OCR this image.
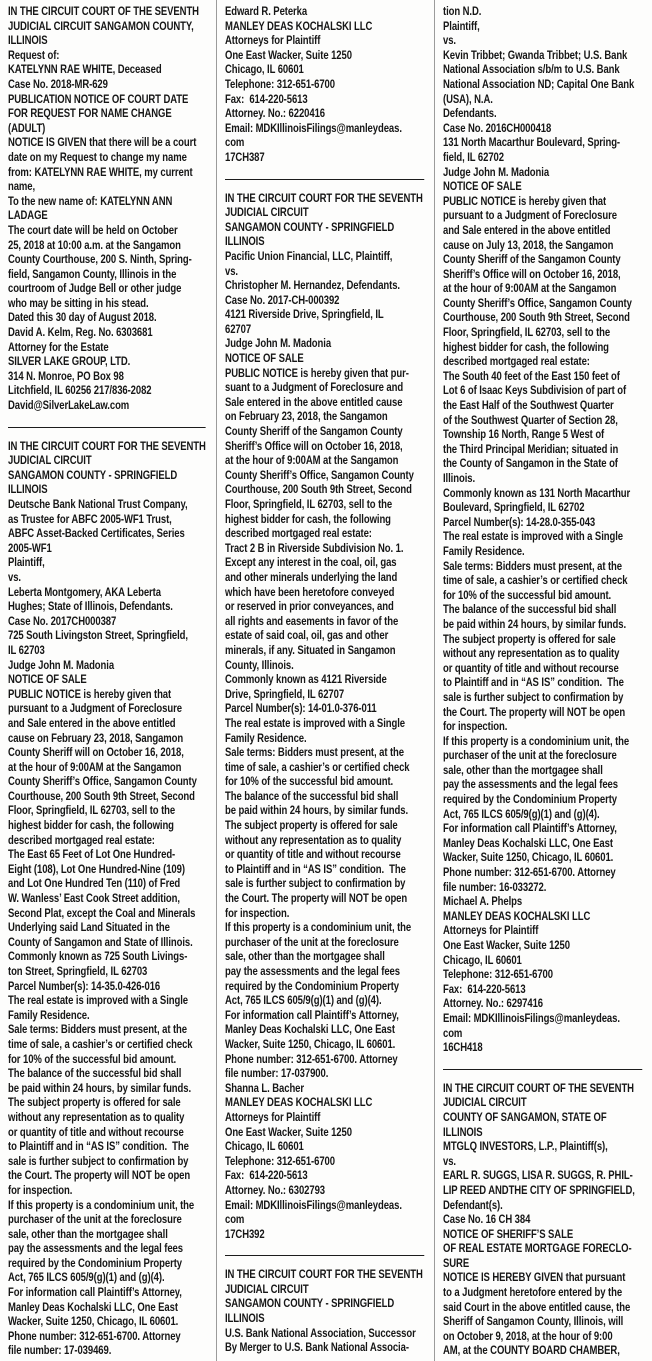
IN THE CIRCUIT COURT OF THE SEVENTH
JUDICIAL CIRCUIT SANGAMON COUNTY,
ILLINOIS
Request of:
KATELYNN RAE WHITE, Deceased
Case No. 2018-MR-629
PUBLICATION NOTICE OF COURT DATE
FOR REQUEST FOR NAME CHANGE
(ADULT)
NOTICE IS GIVEN that there will be a court
date on my Request to change my name
from: KATELYNN RAE WHITE, my current
name,
To the new name of: KATELYNN ANN
LADAGE
The court date will be held on October
25, 2018 at 10:00 a.m. at the Sangamon
County Courthouse, 200 S. Ninth, Spring-
field, Sangamon County, Illinois in the
courtroom of Judge Bell or other judge
who may be sitting in his stead.
Dated this 30 day of August 2018.
David A. Kelm, Reg. No. 6303681
Attorney for the Estate
SILVER LAKE GROUP, LTD.
314 N. Monroe, PO Box 98
Litchfield, IL 60256 217/836-2082
David@SilverLakeLaw.com
IN THE CIRCUIT COURT FOR THE SEVENTH
JUDICIAL CIRCUIT
SANGAMON COUNTY - SPRINGFIELD
ILLINOIS
Deutsche Bank National Trust Company,
as Trustee for ABFC 2005-WF1 Trust,
ABFC Asset-Backed Certificates, Series
2005-WF1
Plaintiff,
vs.
Leberta Montgomery, AKA Leberta
Hughes; State of Illinois, Defendants.
Case No. 2017CH000387
725 South Livingston Street, Springfield,
IL 62703
Judge John M. Madonia
NOTICE OF SALE
PUBLIC NOTICE is hereby given that
pursuant to a Judgment of Foreclosure
and Sale entered in the above entitled
cause on February 23, 2018, Sangamon
County Sheriff will on October 16, 2018,
at the hour of 9:00AM at the Sangamon
County Sheriff’s Office, Sangamon County
Courthouse, 200 South 9th Street, Second
Floor, Springfield, IL 62703, sell to the
highest bidder for cash, the following
described mortgaged real estate:
The East 65 Feet of Lot One Hundred-
Eight (108), Lot One Hundred-Nine (109)
and Lot One Hundred Ten (110) of Fred
W. Wanless’ East Cook Street addition,
Second Plat, except the Coal and Minerals
Underlying said Land Situated in the
County of Sangamon and State of Illinois.
Commonly known as 725 South Livings-
ton Street, Springfield, IL 62703
Parcel Number(s): 14-35.0-426-016
The real estate is improved with a Single
Family Residence.
Sale terms: Bidders must present, at the
time of sale, a cashier’s or certified check
for 10% of the successful bid amount.
The balance of the successful bid shall
be paid within 24 hours, by similar funds.
The subject property is offered for sale
without any representation as to quality
or quantity of title and without recourse
to Plaintiff and in “AS IS” condition.  The
sale is further subject to confirmation by
the Court. The property will NOT be open
for inspection.
If this property is a condominium unit, the
purchaser of the unit at the foreclosure
sale, other than the mortgagee shall
pay the assessments and the legal fees
required by the Condominium Property
Act, 765 ILCS 605/9(g)(1) and (g)(4).
For information call Plaintiff’s Attorney,
Manley Deas Kochalski LLC, One East
Wacker, Suite 1250, Chicago, IL 60601.
Phone number: 312-651-6700. Attorney
file number: 17-039469.
Edward R. Peterka
MANLEY DEAS KOCHALSKI LLC
Attorneys for Plaintiff
One East Wacker, Suite 1250
Chicago, IL 60601
Telephone: 312-651-6700
Fax:  614-220-5613
Attorney. No.: 6220416
Email: MDKIllinoisFilings@manleydeas.
com
17CH387
IN THE CIRCUIT COURT FOR THE SEVENTH
JUDICIAL CIRCUIT
SANGAMON COUNTY - SPRINGFIELD
ILLINOIS
Pacific Union Financial, LLC, Plaintiff,
vs.
Christopher M. Hernandez, Defendants.
Case No. 2017-CH-000392
4121 Riverside Drive, Springfield, IL
62707
Judge John M. Madonia
NOTICE OF SALE
PUBLIC NOTICE is hereby given that pur-
suant to a Judgment of Foreclosure and
Sale entered in the above entitled cause
on February 23, 2018, the Sangamon
County Sheriff of the Sangamon County
Sheriff’s Office will on October 16, 2018,
at the hour of 9:00AM at the Sangamon
County Sheriff’s Office, Sangamon County
Courthouse, 200 South 9th Street, Second
Floor, Springfield, IL 62703, sell to the
highest bidder for cash, the following
described mortgaged real estate:
Tract 2 B in Riverside Subdivision No. 1.
Except any interest in the coal, oil, gas
and other minerals underlying the land
which have been heretofore conveyed
or reserved in prior conveyances, and
all rights and easements in favor of the
estate of said coal, oil, gas and other
minerals, if any. Situated in Sangamon
County, Illinois.
Commonly known as 4121 Riverside
Drive, Springfield, IL 62707
Parcel Number(s): 14-01.0-376-011
The real estate is improved with a Single
Family Residence.
Sale terms: Bidders must present, at the
time of sale, a cashier’s or certified check
for 10% of the successful bid amount.
The balance of the successful bid shall
be paid within 24 hours, by similar funds.
The subject property is offered for sale
without any representation as to quality
or quantity of title and without recourse
to Plaintiff and in “AS IS” condition.  The
sale is further subject to confirmation by
the Court. The property will NOT be open
for inspection.
If this property is a condominium unit, the
purchaser of the unit at the foreclosure
sale, other than the mortgagee shall
pay the assessments and the legal fees
required by the Condominium Property
Act, 765 ILCS 605/9(g)(1) and (g)(4).
For information call Plaintiff’s Attorney,
Manley Deas Kochalski LLC, One East
Wacker, Suite 1250, Chicago, IL 60601.
Phone number: 312-651-6700. Attorney
file number: 17-037900.
Shanna L. Bacher
MANLEY DEAS KOCHALSKI LLC
Attorneys for Plaintiff
One East Wacker, Suite 1250
Chicago, IL 60601
Telephone: 312-651-6700
Fax:  614-220-5613
Attorney. No.: 6302793
Email: MDKIllinoisFilings@manleydeas.
com
17CH392
IN THE CIRCUIT COURT FOR THE SEVENTH
JUDICIAL CIRCUIT
SANGAMON COUNTY - SPRINGFIELD
ILLINOIS
U.S. Bank National Association, Successor
By Merger to U.S. Bank National Associa-
tion N.D.
Plaintiff,
vs.
Kevin Tribbet; Gwanda Tribbet; U.S. Bank
National Association s/b/m to U.S. Bank
National Association ND; Capital One Bank
(USA), N.A.
Defendants.
Case No. 2016CH000418
131 North Macarthur Boulevard, Spring-
field, IL 62702
Judge John M. Madonia
NOTICE OF SALE
PUBLIC NOTICE is hereby given that
pursuant to a Judgment of Foreclosure
and Sale entered in the above entitled
cause on July 13, 2018, the Sangamon
County Sheriff of the Sangamon County
Sheriff’s Office will on October 16, 2018,
at the hour of 9:00AM at the Sangamon
County Sheriff’s Office, Sangamon County
Courthouse, 200 South 9th Street, Second
Floor, Springfield, IL 62703, sell to the
highest bidder for cash, the following
described mortgaged real estate:
The South 40 feet of the East 150 feet of
Lot 6 of Isaac Keys Subdivision of part of
the East Half of the Southwest Quarter
of the Southwest Quarter of Section 28,
Township 16 North, Range 5 West of
the Third Principal Meridian; situated in
the County of Sangamon in the State of
Illinois.
Commonly known as 131 North Macarthur
Boulevard, Springfield, IL 62702
Parcel Number(s): 14-28.0-355-043
The real estate is improved with a Single
Family Residence.
Sale terms: Bidders must present, at the
time of sale, a cashier’s or certified check
for 10% of the successful bid amount.
The balance of the successful bid shall
be paid within 24 hours, by similar funds.
The subject property is offered for sale
without any representation as to quality
or quantity of title and without recourse
to Plaintiff and in “AS IS” condition.  The
sale is further subject to confirmation by
the Court. The property will NOT be open
for inspection.
If this property is a condominium unit, the
purchaser of the unit at the foreclosure
sale, other than the mortgagee shall
pay the assessments and the legal fees
required by the Condominium Property
Act, 765 ILCS 605/9(g)(1) and (g)(4).
For information call Plaintiff’s Attorney,
Manley Deas Kochalski LLC, One East
Wacker, Suite 1250, Chicago, IL 60601.
Phone number: 312-651-6700. Attorney
file number: 16-033272.
Michael A. Phelps
MANLEY DEAS KOCHALSKI LLC
Attorneys for Plaintiff
One East Wacker, Suite 1250
Chicago, IL 60601
Telephone: 312-651-6700
Fax:  614-220-5613
Attorney. No.: 6297416
Email: MDKIllinoisFilings@manleydeas.
com
16CH418
IN THE CIRCUIT COURT OF THE SEVENTH
JUDICIAL CIRCUIT
COUNTY OF SANGAMON, STATE OF
ILLINOIS
MTGLQ INVESTORS, L.P., Plaintiff(s),
vs.
EARL R. SUGGS, LISA R. SUGGS, R. PHIL-
LIP REED ANDTHE CITY OF SPRINGFIELD,
Defendant(s).
Case No. 16 CH 384
NOTICE OF SHERIFF’S SALE
OF REAL ESTATE MORTGAGE FORECLO-
SURE
NOTICE IS HEREBY GIVEN that pursuant
to a Judgment heretofore entered by the
said Court in the above entitled cause, the
Sheriff of Sangamon County, Illinois, will
on October 9, 2018, at the hour of 9:00
AM, at the COUNTY BOARD CHAMBER,
